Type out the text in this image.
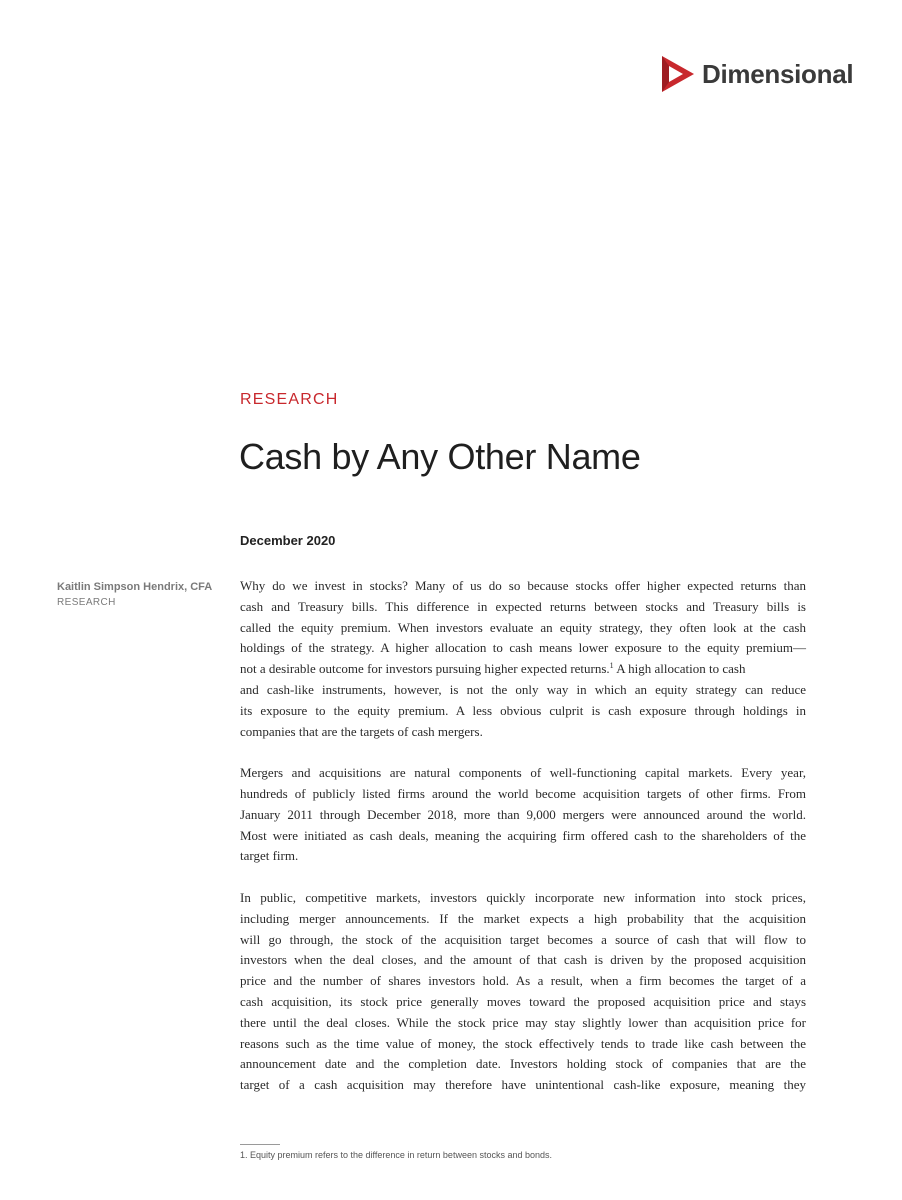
Dimensional
RESEARCH
Cash by Any Other Name
December 2020
Kaitlin Simpson Hendrix, CFA
RESEARCH

Why do we invest in stocks? Many of us do so because stocks offer higher expected returns than
cash and Treasury bills. This difference in expected returns between stocks and Treasury bills is
called the equity premium. When investors evaluate an equity strategy, they often look at the cash
holdings of the strategy. A higher allocation to cash means lower exposure to the equity premium—
not a desirable outcome for investors pursuing higher expected returns.$^1$ A high allocation to cash
and cash-like instruments, however, is not the only way in which an equity strategy can reduce
its exposure to the equity premium. A less obvious culprit is cash exposure through holdings in
companies that are the targets of cash mergers.

Mergers and acquisitions are natural components of well-functioning capital markets. Every year,
hundreds of publicly listed firms around the world become acquisition targets of other firms. From
January 2011 through December 2018, more than 9,000 mergers were announced around the world.
Most were initiated as cash deals, meaning the acquiring firm offered cash to the shareholders of the
target firm.

In public, competitive markets, investors quickly incorporate new information into stock prices,
including merger announcements. If the market expects a high probability that the acquisition
will go through, the stock of the acquisition target becomes a source of cash that will flow to
investors when the deal closes, and the amount of that cash is driven by the proposed acquisition
price and the number of shares investors hold. As a result, when a firm becomes the target of a
cash acquisition, its stock price generally moves toward the proposed acquisition price and stays
there until the deal closes. While the stock price may stay slightly lower than acquisition price for
reasons such as the time value of money, the stock effectively tends to trade like cash between the
announcement date and the completion date. Investors holding stock of companies that are the
target of a cash acquisition may therefore have unintentional cash-like exposure, meaning they

1. Equity premium refers to the difference in return between stocks and bonds.
